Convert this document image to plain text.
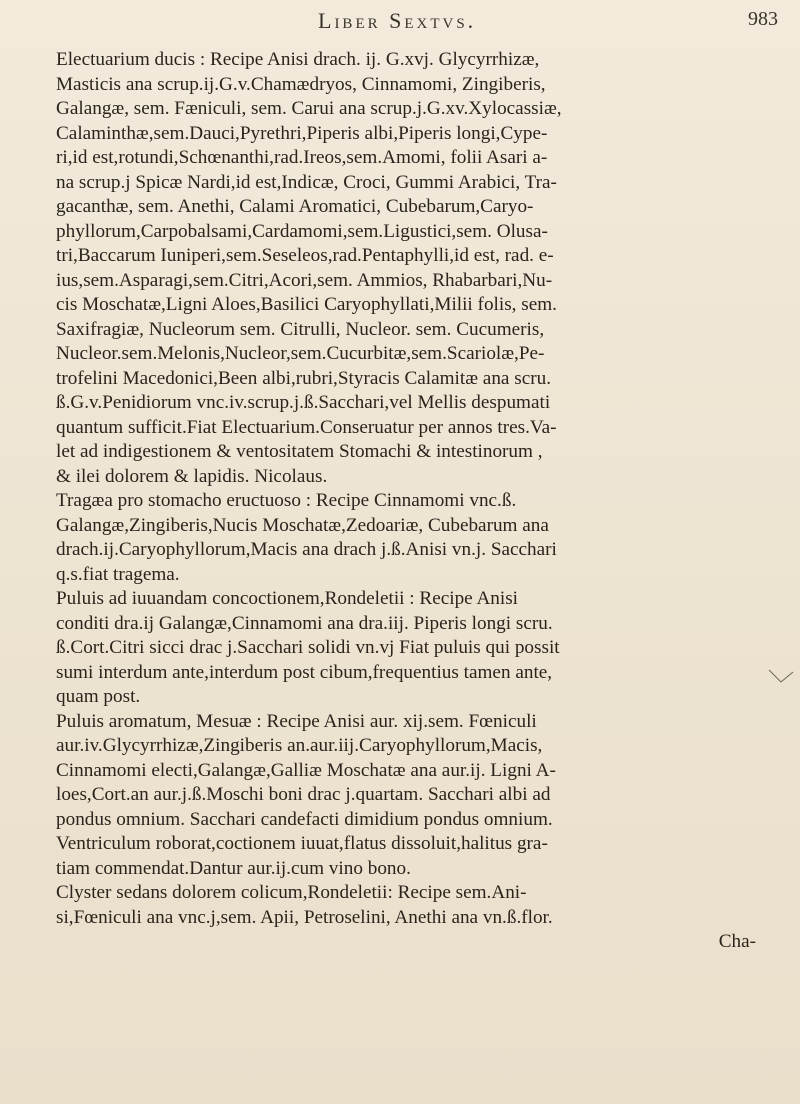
Liber Sextvs.	983
Electuarium ducis : Recipe Anisi drach. ij. G.xvj. Glycyrrhizæ,
Masticis ana scrup.ij.G.v.Chamædryos, Cinnamomi, Zingiberis,
Galangæ, sem. Fæniculi, sem. Carui ana scrup.j.G.xv.Xylocassiæ,
Calaminthæ,sem.Dauci,Pyrethri,Piperis albi,Piperis longi,Cype-
ri,id est,rotundi,Schœnanthi,rad.Ireos,sem.Amomi, folii Asari a-
na scrup.j Spicæ Nardi,id est,Indicæ, Croci, Gummi Arabici, Tra-
gacanthæ, sem. Anethi, Calami Aromatici, Cubebarum,Caryo-
phyllorum,Carpobalsami,Cardamomi,sem.Ligustici,sem. Olusa-
tri,Baccarum Iuniperi,sem.Seseleos,rad.Pentaphylli,id est, rad. e-
ius,sem.Asparagi,sem.Citri,Acori,sem. Ammios, Rhabarbari,Nu-
cis Moschatæ,Ligni Aloes,Basilici Caryophyllati,Milii folis, sem.
Saxifragiæ, Nucleorum sem. Citrulli, Nucleor. sem. Cucumeris,
Nucleor.sem.Melonis,Nucleor,sem.Cucurbitæ,sem.Scariolæ,Pe-
trofelini Macedonici,Been albi,rubri,Styracis Calamitæ ana scru.
ß.G.v.Penidiorum vnc.iv.scrup.j.ß.Sacchari,vel Mellis despumati
quantum sufficit.Fiat Electuarium.Conseruatur per annos tres.Va-
let ad indigestionem & ventositatem Stomachi & intestinorum ,
& ilei dolorem & lapidis. Nicolaus.
Tragæa pro stomacho eructuoso : Recipe Cinnamomi vnc.ß.
Galangæ,Zingiberis,Nucis Moschatæ,Zedoariæ, Cubebarum ana
drach.ij.Caryophyllorum,Macis ana drach j.ß.Anisi vn.j. Sacchari
q.s.fiat tragema.
Puluis ad iuuandam concoctionem,Rondeletii : Recipe Anisi
conditi dra.ij Galangæ,Cinnamomi ana dra.iij. Piperis longi scru.
ß.Cort.Citri sicci drac j.Sacchari solidi vn.vj Fiat puluis qui possit
sumi interdum ante,interdum post cibum,frequentius tamen ante,
quam post.
Puluis aromatum, Mesuæ : Recipe Anisi aur. xij.sem. Fœniculi
aur.iv.Glycyrrhizæ,Zingiberis an.aur.iij.Caryophyllorum,Macis,
Cinnamomi electi,Galangæ,Galliæ Moschatæ ana aur.ij. Ligni A-
loes,Cort.an aur.j.ß.Moschi boni drac j.quartam. Sacchari albi ad
pondus omnium. Sacchari candefacti dimidium pondus omnium.
Ventriculum roborat,coctionem iuuat,flatus dissoluit,halitus gra-
tiam commendat.Dantur aur.ij.cum vino bono.
Clyster sedans dolorem colicum,Rondeletii: Recipe sem.Ani-
si,Fœniculi ana vnc.j,sem. Apii, Petroselini, Anethi ana vn.ß.flor.
Cha-
